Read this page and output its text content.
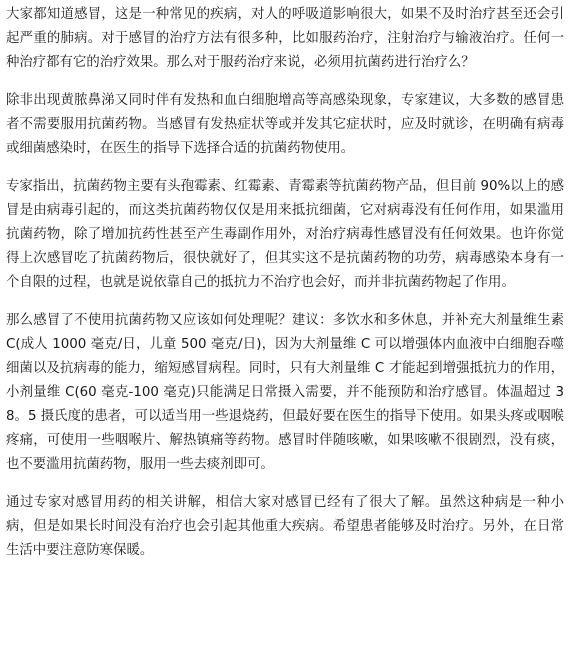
大家都知道感冒，这是一种常见的疾病，对人的呼吸道影响很大，如果不及时治疗甚至还会引起严重的肺病。对于感冒的治疗方法有很多种，比如服药治疗，注射治疗与输液治疗。任何一种治疗都有它的治疗效果。那么对于服药治疗来说，必须用抗菌药进行治疗么？

除非出现黄脓鼻涕又同时伴有发热和血白细胞增高等高感染现象，专家建议，大多数的感冒患者不需要服用抗菌药物。当感冒有发热症状等或并发其它症状时，应及时就诊，在明确有病毒或细菌感染时，在医生的指导下选择合适的抗菌药物使用。

专家指出，抗菌药物主要有头孢霉素、红霉素、青霉素等抗菌药物产品，但目前 90%以上的感冒是由病毒引起的，而这类抗菌药物仅仅是用来抵抗细菌，它对病毒没有任何作用，如果滥用抗菌药物，除了增加抗药性甚至产生毒副作用外，对治疗病毒性感冒没有任何效果。也许你觉得上次感冒吃了抗菌药物后，很快就好了，但其实这不是抗菌药物的功劳，病毒感染本身有一个自限的过程，也就是说依靠自己的抵抗力不治疗也会好，而并非抗菌药物起了作用。

那么感冒了不使用抗菌药物又应该如何处理呢？建议：多饮水和多休息，并补充大剂量维生素 C(成人 1000 毫克/日，儿童 500 毫克/日)，因为大剂量维 C 可以增强体内血液中白细胞吞噬细菌以及抗病毒的能力，缩短感冒病程。同时，只有大剂量维 C 才能起到增强抵抗力的作用，小剂量维 C(60 毫克-100 毫克)只能满足日常摄入需要，并不能预防和治疗感冒。体温超过 38。5 摄氏度的患者，可以适当用一些退烧药，但最好要在医生的指导下使用。如果头疼或咽喉疼痛，可使用一些咽喉片、解热镇痛等药物。感冒时伴随咳嗽，如果咳嗽不很剧烈，没有痰，也不要滥用抗菌药物，服用一些去痰剂即可。

通过专家对感冒用药的相关讲解，相信大家对感冒已经有了很大了解。虽然这种病是一种小病，但是如果长时间没有治疗也会引起其他重大疾病。希望患者能够及时治疗。另外，在日常生活中要注意防寒保暖。
